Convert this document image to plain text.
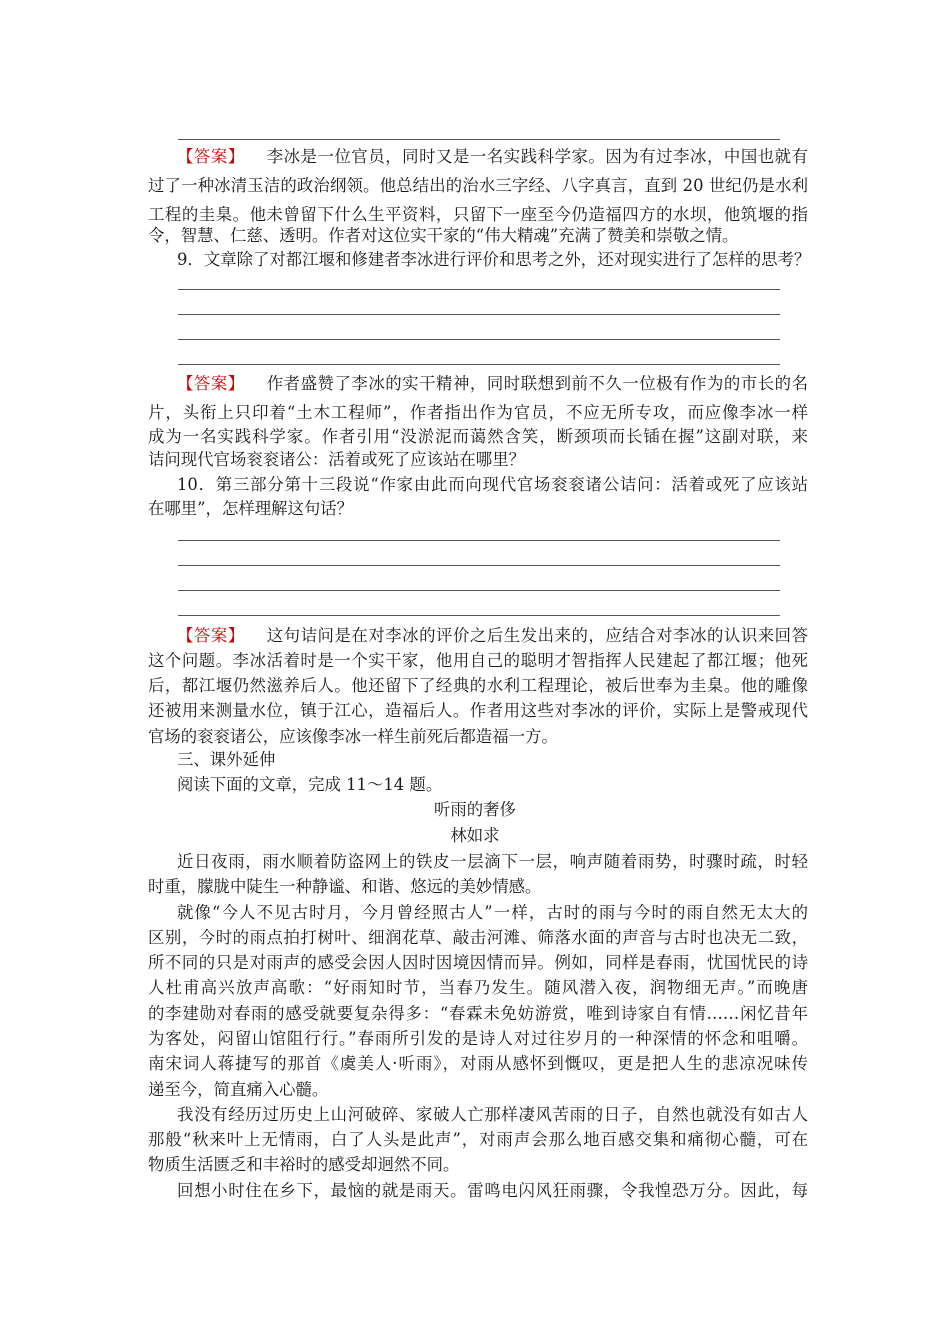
【答案】 李冰是一位官员，同时又是一名实践科学家。因为有过李冰，中国也就有
过了一种冰清玉洁的政治纲领。他总结出的治水三字经、八字真言，直到 20 世纪仍是水利
工程的圭臬。他未曾留下什么生平资料，只留下一座至今仍造福四方的水坝，他筑堰的指
令，智慧、仁慈、透明。作者对这位实干家的“伟大精魂”充满了赞美和崇敬之情。
9．文章除了对都江堰和修建者李冰进行评价和思考之外，还对现实进行了怎样的思考？
【答案】 作者盛赞了李冰的实干精神，同时联想到前不久一位极有作为的市长的名
片，头衔上只印着“土木工程师”，作者指出作为官员，不应无所专攻，而应像李冰一样
成为一名实践科学家。作者引用“没淤泥而蔼然含笑，断颈项而长锸在握”这副对联，来
诘问现代官场衮衮诸公：活着或死了应该站在哪里？
10．第三部分第十三段说“作家由此而向现代官场衮衮诸公诘问：活着或死了应该站
在哪里”，怎样理解这句话？
【答案】 这句诘问是在对李冰的评价之后生发出来的，应结合对李冰的认识来回答
这个问题。李冰活着时是一个实干家，他用自己的聪明才智指挥人民建起了都江堰；他死
后，都江堰仍然滋养后人。他还留下了经典的水利工程理论，被后世奉为圭臬。他的雕像
还被用来测量水位，镇于江心，造福后人。作者用这些对李冰的评价，实际上是警戒现代
官场的衮衮诸公，应该像李冰一样生前死后都造福一方。
三、课外延伸
阅读下面的文章，完成 11～14 题。
听雨的奢侈
林如求
近日夜雨，雨水顺着防盗网上的铁皮一层滴下一层，响声随着雨势，时骤时疏，时轻
时重，朦胧中陡生一种静谧、和谐、悠远的美妙情感。
就像“今人不见古时月，今月曾经照古人”一样，古时的雨与今时的雨自然无太大的
区别，今时的雨点拍打树叶、细润花草、敲击河滩、筛落水面的声音与古时也决无二致，
所不同的只是对雨声的感受会因人因时因境因情而异。例如，同样是春雨，忧国忧民的诗
人杜甫高兴放声高歌：“好雨知时节，当春乃发生。随风潜入夜，润物细无声。”而晚唐
的李建勋对春雨的感受就要复杂得多：“春霖未免妨游赏，唯到诗家自有情……闲忆昔年
为客处，闷留山馆阻行行。”春雨所引发的是诗人对过往岁月的一种深情的怀念和咀嚼。
南宋词人蒋捷写的那首《虞美人·听雨》，对雨从感怀到慨叹，更是把人生的悲凉况味传
递至今，简直痛入心髓。
我没有经历过历史上山河破碎、家破人亡那样凄风苦雨的日子，自然也就没有如古人
那般“秋来叶上无情雨，白了人头是此声”，对雨声会那么地百感交集和痛彻心髓，可在
物质生活匮乏和丰裕时的感受却迥然不同。
回想小时住在乡下，最恼的就是雨天。雷鸣电闪风狂雨骤，令我惶恐万分。因此，每
